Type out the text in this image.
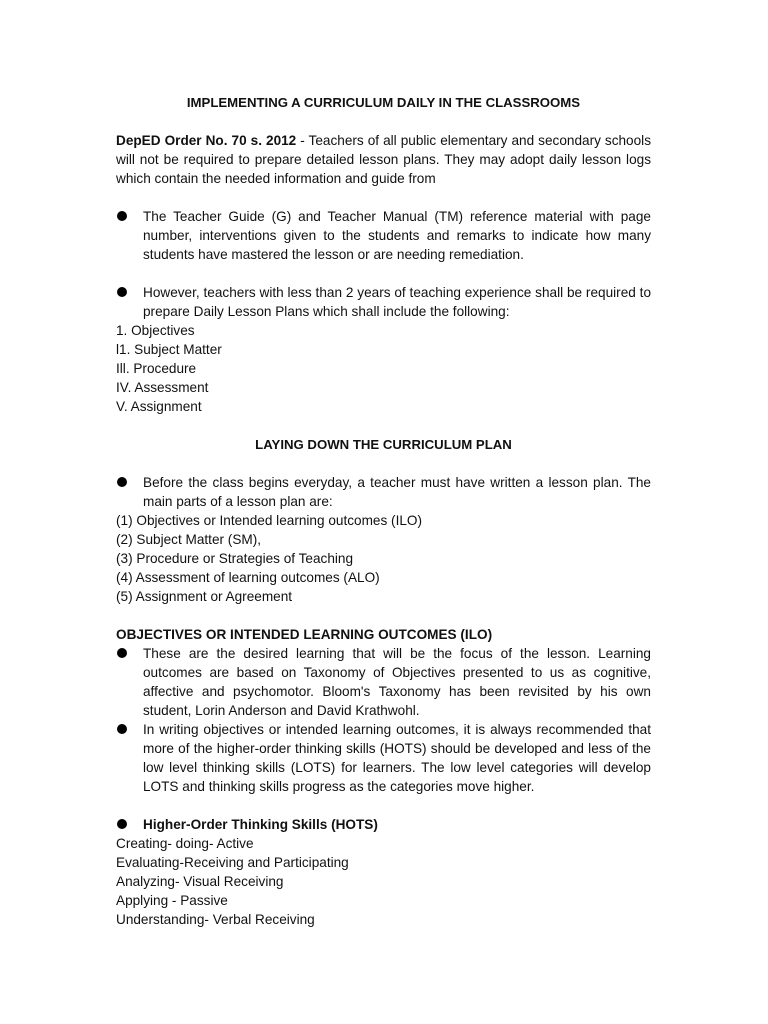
IMPLEMENTING A CURRICULUM DAILY IN THE CLASSROOMS

DepED Order No. 70 s. 2012 - Teachers of all public elementary and secondary schools will not be required to prepare detailed lesson plans. They may adopt daily lesson logs which contain the needed information and guide from

The Teacher Guide (G) and Teacher Manual (TM) reference material with page number, interventions given to the students and remarks to indicate how many students have mastered the lesson or are needing remediation.
However, teachers with less than 2 years of teaching experience shall be required to prepare Daily Lesson Plans which shall include the following:

1. Objectives

l1. Subject Matter

Ill. Procedure

IV. Assessment

V. Assignment

LAYING DOWN THE CURRICULUM PLAN

Before the class begins everyday, a teacher must have written a lesson plan. The main parts of a lesson plan are:

(1) Objectives or Intended learning outcomes (ILO)

(2) Subject Matter (SM),

(3) Procedure or Strategies of Teaching

(4) Assessment of learning outcomes (ALO)

(5) Assignment or Agreement

OBJECTIVES OR INTENDED LEARNING OUTCOMES (ILO)

These are the desired learning that will be the focus of the lesson. Learning outcomes are based on Taxonomy of Objectives presented to us as cognitive, affective and psychomotor. Bloom's Taxonomy has been revisited by his own student, Lorin Anderson and David Krathwohl.
In writing objectives or intended learning outcomes, it is always recommended that more of the higher-order thinking skills (HOTS) should be developed and less of the low level thinking skills (LOTS) for learners. The low level categories will develop LOTS and thinking skills progress as the categories move higher.
Higher-Order Thinking Skills (HOTS)

Creating- doing- Active

Evaluating-Receiving and Participating

Analyzing- Visual Receiving

Applying - Passive

Understanding- Verbal Receiving
